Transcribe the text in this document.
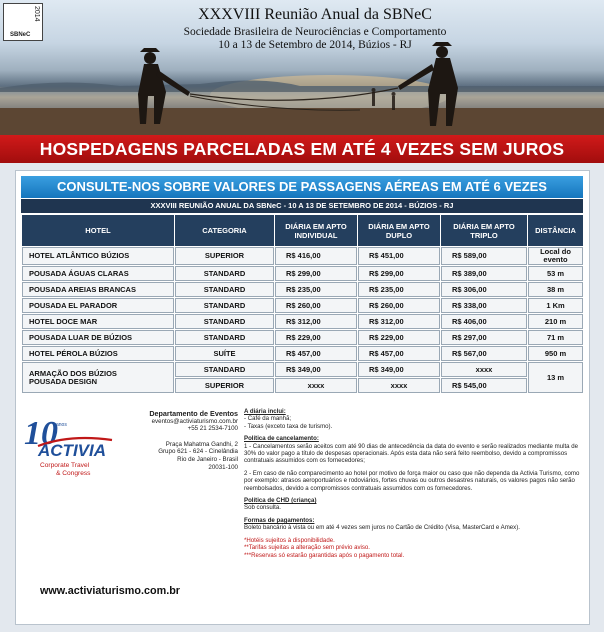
2014
SBNeC
XXXVIII Reunião Anual da SBNeC
Sociedade Brasileira de Neurociências e Comportamento
10 a 13 de Setembro de 2014, Búzios - RJ
HOSPEDAGENS PARCELADAS EM ATÉ 4 VEZES SEM JUROS
CONSULTE-NOS SOBRE VALORES DE PASSAGENS AÉREAS EM ATÉ 6 VEZES
XXXVIII REUNIÃO ANUAL DA SBNeC - 10 A 13 DE SETEMBRO DE 2014 - BÚZIOS - RJ
HOTEL	CATEGORIA	DIÁRIA EM APTO INDIVIDUAL	DIÁRIA EM APTO DUPLO	DIÁRIA EM APTO TRIPLO	DISTÂNCIA
HOTEL ATLÂNTICO BÚZIOS	SUPERIOR	R$ 416,00	R$ 451,00	R$ 589,00	Local do evento
POUSADA ÁGUAS CLARAS	STANDARD	R$ 299,00	R$ 299,00	R$ 389,00	53 m
POUSADA AREIAS BRANCAS	STANDARD	R$ 235,00	R$ 235,00	R$ 306,00	38 m
POUSADA EL PARADOR	STANDARD	R$ 260,00	R$ 260,00	R$ 338,00	1 Km
HOTEL DOCE MAR	STANDARD	R$ 312,00	R$ 312,00	R$ 406,00	210 m
POUSADA LUAR DE BÚZIOS	STANDARD	R$ 229,00	R$ 229,00	R$ 297,00	71 m
HOTEL PÉROLA BÚZIOS	SUÍTE	R$ 457,00	R$ 457,00	R$ 567,00	950 m

ARMAÇÃO DOS BÚZIOS
POUSADA DESIGN	STANDARD	R$ 349,00	R$ 349,00	xxxx	13 m
	SUPERIOR	xxxx	xxxx	R$ 545,00	
10
anos
ACTIVIA
Corporate Travel
& Congress
Departamento de Eventos
eventos@activiaturismo.com.br
+55 21 2534-7100
Praça Mahatma Gandhi, 2
Grupo 621 - 624 - Cinelândia
Rio de Janeiro - Brasil
20031-100
www.activiaturismo.com.br
A diária inclui:
- Café da manhã;
- Taxas (exceto taxa de turismo).
Política de cancelamento:
1 - Cancelamentos serão aceitos com até 90 dias de antecedência da data do evento e serão realizados mediante multa de 30% do valor pago a título de despesas operacionais. Após esta data não será feito reembolso, devido a compromissos contratuais assumidos com os fornecedores;
2 - Em caso de não comparecimento ao hotel por motivo de força maior ou caso que não dependa da Activia Turismo, como por exemplo: atrasos aeroportuários e rodoviários, fortes chuvas ou outros desastres naturais, os valores pagos não serão reembolsados, devido a compromissos contratuais assumidos com os fornecedores.
Política de CHD (criança)
Sob consulta.
Formas de pagamentos:
Boleto bancário à vista ou em até 4 vezes sem juros no Cartão de Crédito (Visa, MasterCard e Amex).
*Hotéis sujeitos à disponibilidade.
**Tarifas sujeitas a alteração sem prévio aviso.
***Reservas só estarão garantidas após o pagamento total.
